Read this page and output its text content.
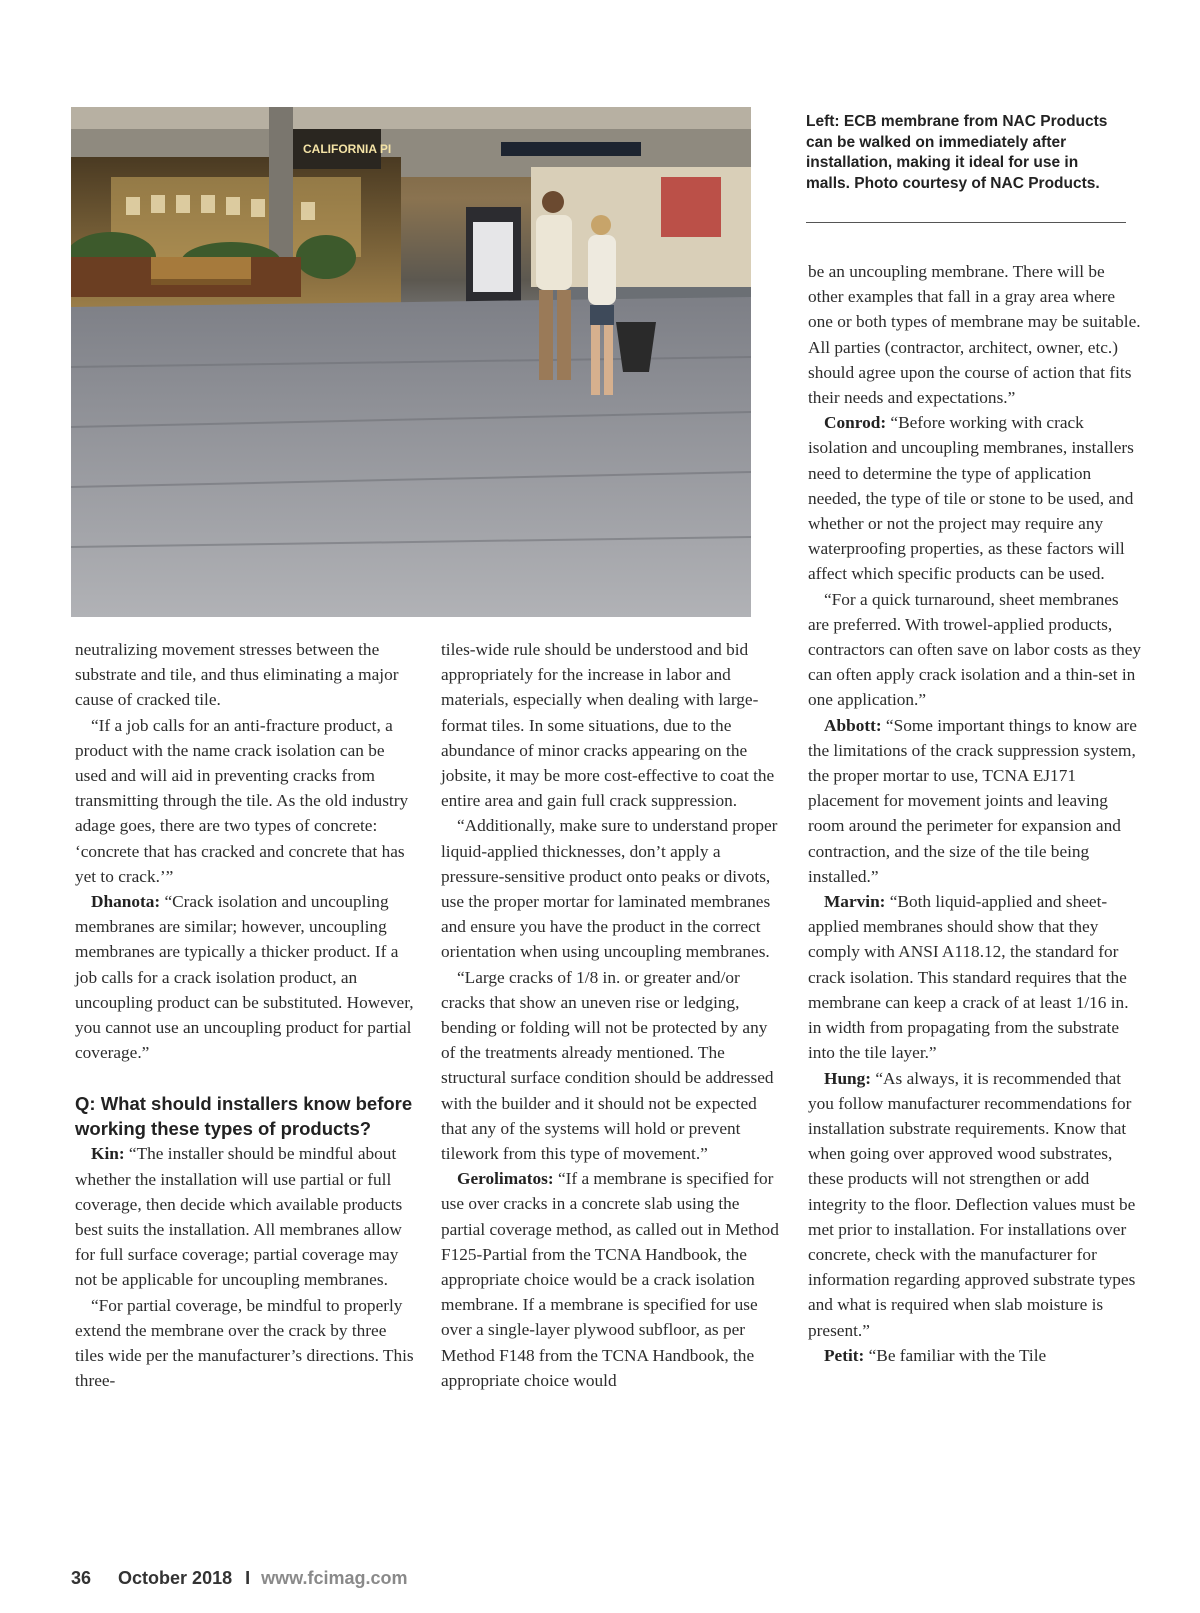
CALIFORNIA PI

Left: ECB membrane from NAC Products can be walked on immediately after installation, making it ideal for use in malls. Photo courtesy of NAC Products.

neutralizing movement stresses between the substrate and tile, and thus eliminating a major cause of cracked tile.

“If a job calls for an anti-fracture product, a product with the name crack isolation can be used and will aid in preventing cracks from transmitting through the tile. As the old industry adage goes, there are two types of concrete: ‘concrete that has cracked and concrete that has yet to crack.’”

Dhanota: “Crack isolation and uncoupling membranes are similar; however, uncoupling membranes are typically a thicker product. If a job calls for a crack isolation product, an uncoupling product can be substituted. However, you cannot use an uncoupling product for partial coverage.”

Q: What should installers know before working these types of products?

Kin: “The installer should be mindful about whether the installation will use partial or full coverage, then decide which available products best suits the installation. All membranes allow for full surface coverage; partial coverage may not be applicable for uncoupling membranes.

“For partial coverage, be mindful to properly extend the membrane over the crack by three tiles wide per the manufacturer’s directions. This three-

tiles-wide rule should be understood and bid appropriately for the increase in labor and materials, especially when dealing with large-format tiles. In some situations, due to the abundance of minor cracks appearing on the jobsite, it may be more cost-effective to coat the entire area and gain full crack suppression.

“Additionally, make sure to understand proper liquid-applied thicknesses, don’t apply a pressure-sensitive product onto peaks or divots, use the proper mortar for laminated membranes and ensure you have the product in the correct orientation when using uncoupling membranes.

“Large cracks of 1/8 in. or greater and/or cracks that show an uneven rise or ledging, bending or folding will not be protected by any of the treatments already mentioned. The structural surface condition should be addressed with the builder and it should not be expected that any of the systems will hold or prevent tilework from this type of movement.”

Gerolimatos: “If a membrane is specified for use over cracks in a concrete slab using the partial coverage method, as called out in Method F125-Partial from the TCNA Handbook, the appropriate choice would be a crack isolation membrane. If a membrane is specified for use over a single-layer plywood subfloor, as per Method F148 from the TCNA Handbook, the appropriate choice would

be an uncoupling membrane. There will be other examples that fall in a gray area where one or both types of membrane may be suitable. All parties (contractor, architect, owner, etc.) should agree upon the course of action that fits their needs and expectations.”

Conrod: “Before working with crack isolation and uncoupling membranes, installers need to determine the type of application needed, the type of tile or stone to be used, and whether or not the project may require any waterproofing properties, as these factors will affect which specific products can be used.

“For a quick turnaround, sheet membranes are preferred. With trowel-applied products, contractors can often save on labor costs as they can often apply crack isolation and a thin-set in one application.”

Abbott: “Some important things to know are the limitations of the crack suppression system, the proper mortar to use, TCNA EJ171 placement for movement joints and leaving room around the perimeter for expansion and contraction, and the size of the tile being installed.”

Marvin: “Both liquid-applied and sheet-applied membranes should show that they comply with ANSI A118.12, the standard for crack isolation. This standard requires that the membrane can keep a crack of at least 1/16 in. in width from propagating from the substrate into the tile layer.”

Hung: “As always, it is recommended that you follow manufacturer recommendations for installation substrate requirements. Know that when going over approved wood substrates, these products will not strengthen or add integrity to the floor. Deflection values must be met prior to installation. For installations over concrete, check with the manufacturer for information regarding approved substrate types and what is required when slab moisture is present.”

Petit: “Be familiar with the Tile

36 October 2018 I www.fcimag.com
